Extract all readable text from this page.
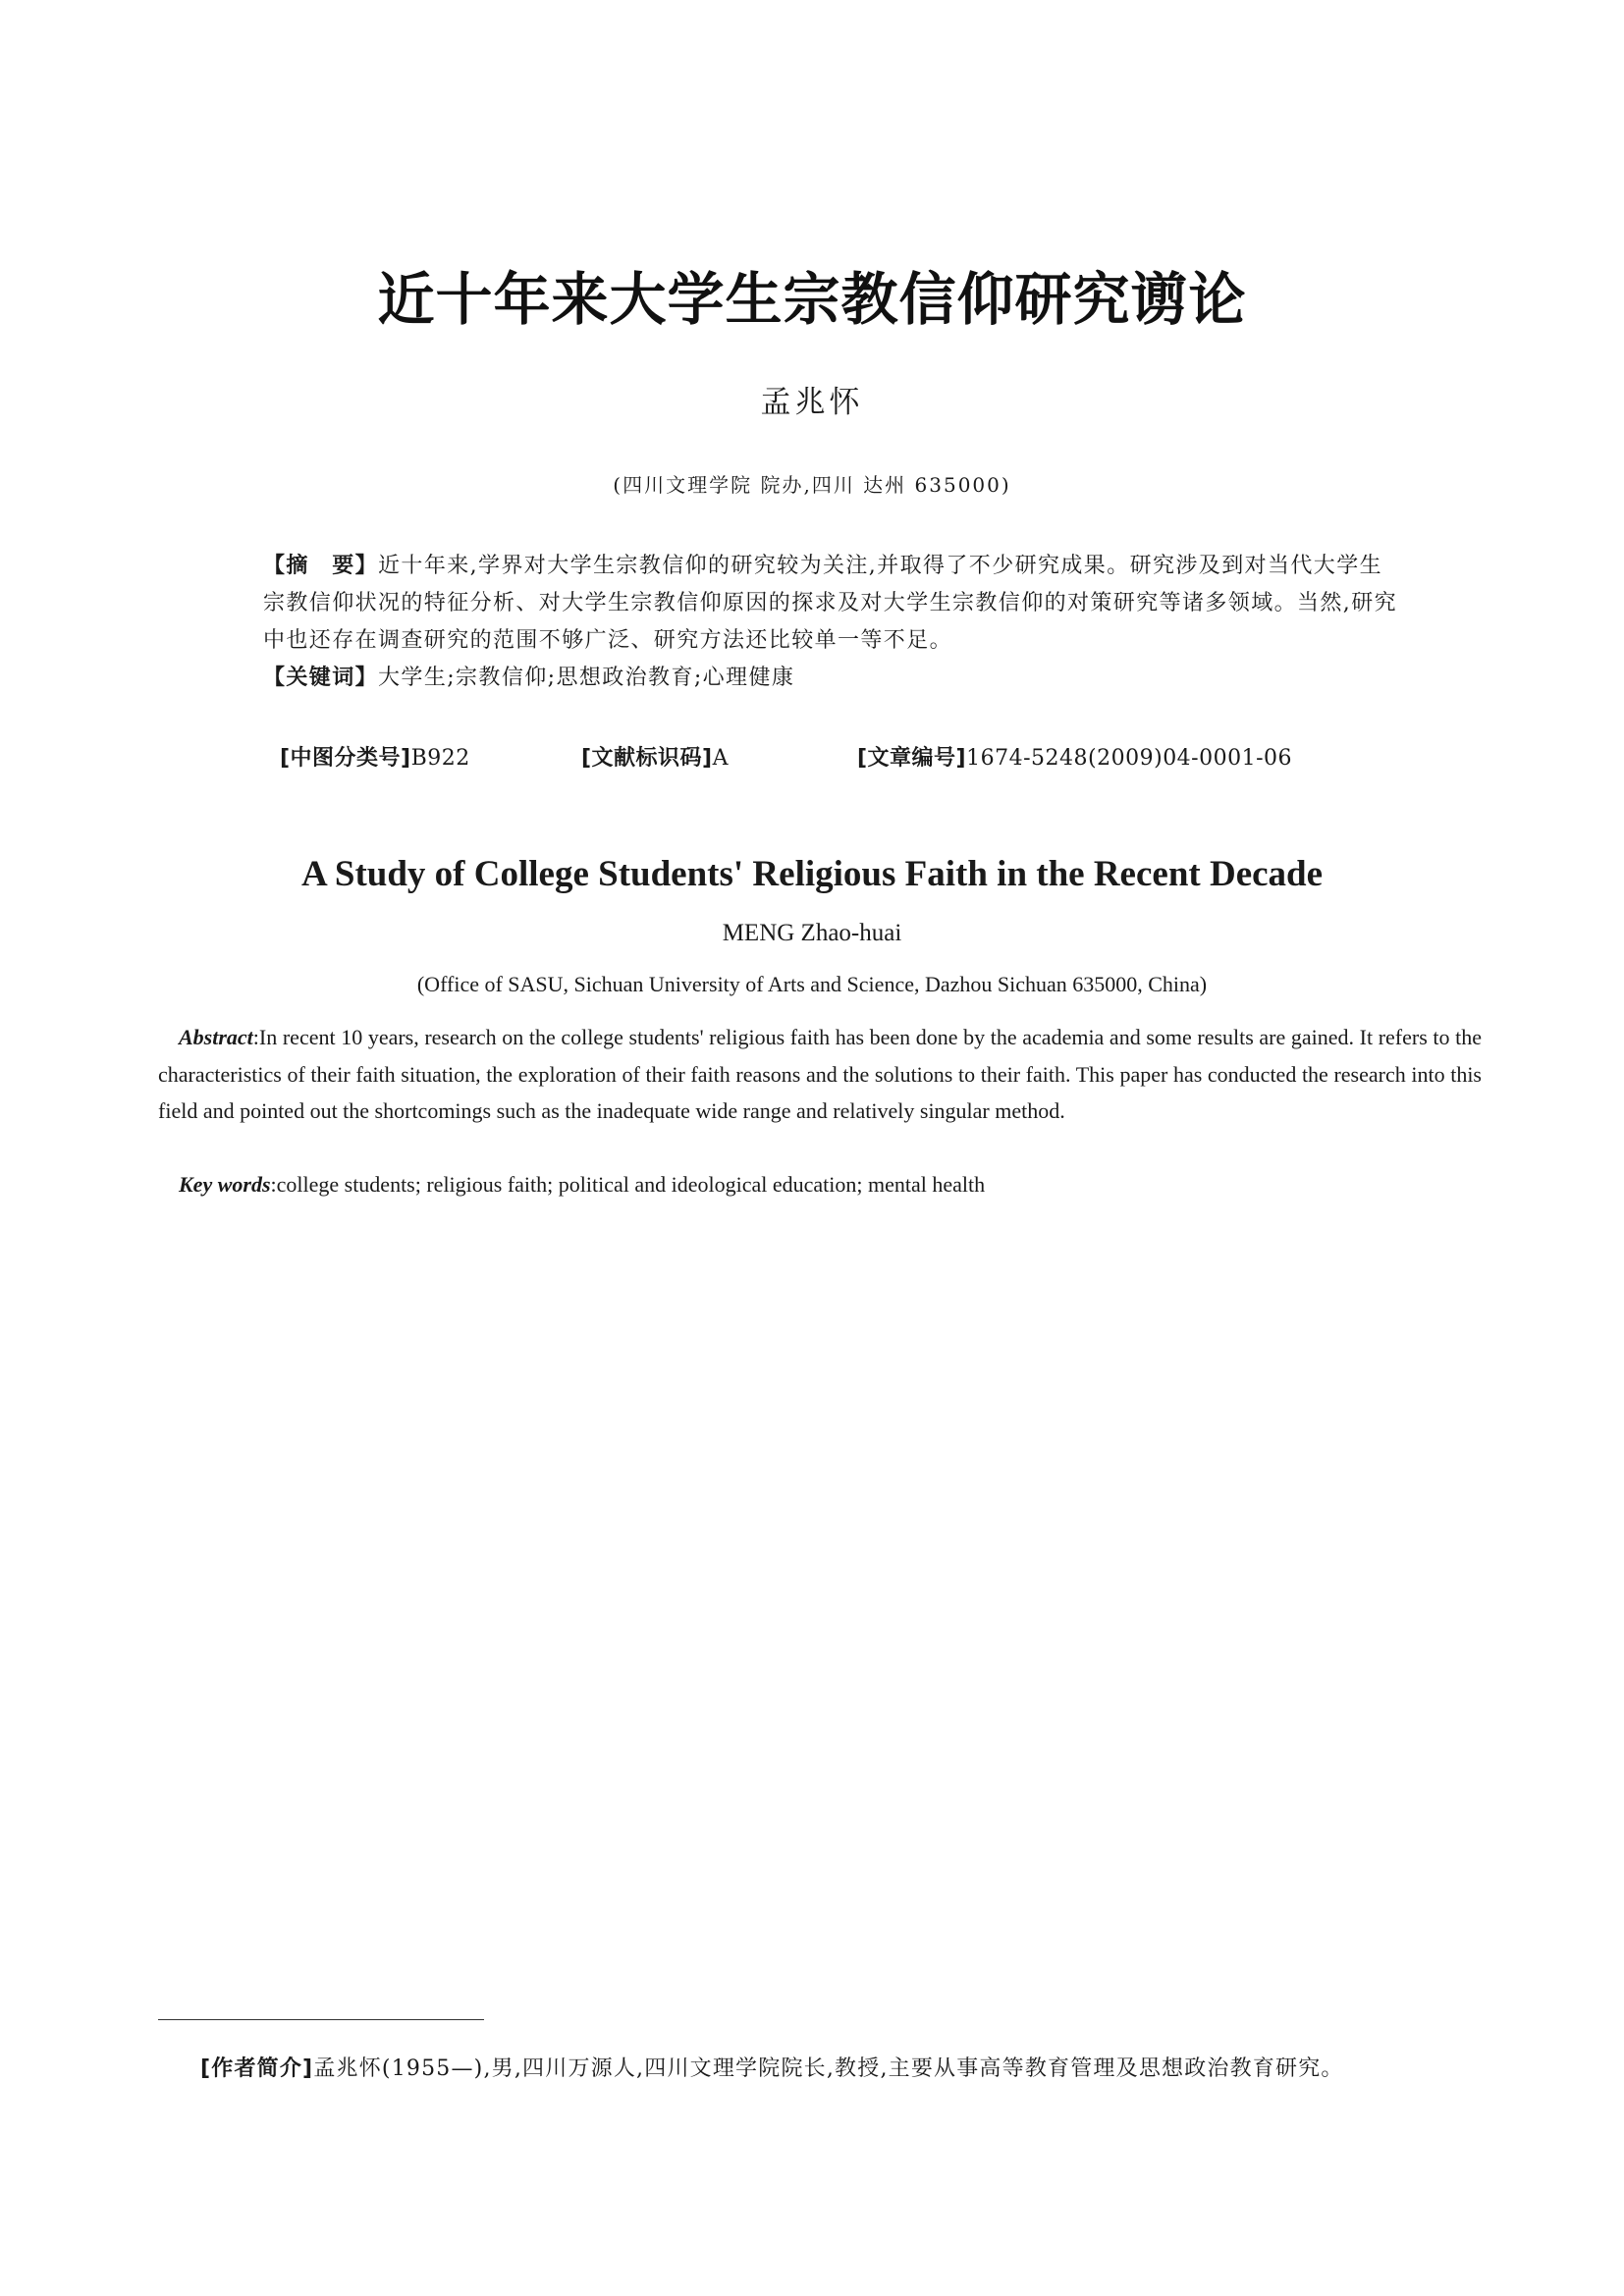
近十年来大学生宗教信仰研究谫论
孟兆怀
(四川文理学院 院办,四川 达州 635000)
【摘　要】近十年来,学界对大学生宗教信仰的研究较为关注,并取得了不少研究成果。研究涉及到对当代大学生宗教信仰状况的特征分析、对大学生宗教信仰原因的探求及对大学生宗教信仰的对策研究等诸多领域。当然,研究中也还存在调查研究的范围不够广泛、研究方法还比较单一等不足。
【关键词】大学生;宗教信仰;思想政治教育;心理健康
[中图分类号]B922	[文献标识码]A	[文章编号]1674-5248(2009)04-0001-06
A Study of College Students' Religious Faith in the Recent Decade
MENG Zhao-huai
(Office of SASU, Sichuan University of Arts and Science, Dazhou Sichuan 635000, China)
Abstract:In recent 10 years, research on the college students' religious faith has been done by the academia and some results are gained. It refers to the characteristics of their faith situation, the exploration of their faith reasons and the solutions to their faith. This paper has conducted the research into this field and pointed out the shortcomings such as the inadequate wide range and relatively singular method.
Key words:college students; religious faith; political and ideological education; mental health
[作者简介]孟兆怀(1955—),男,四川万源人,四川文理学院院长,教授,主要从事高等教育管理及思想政治教育研究。
